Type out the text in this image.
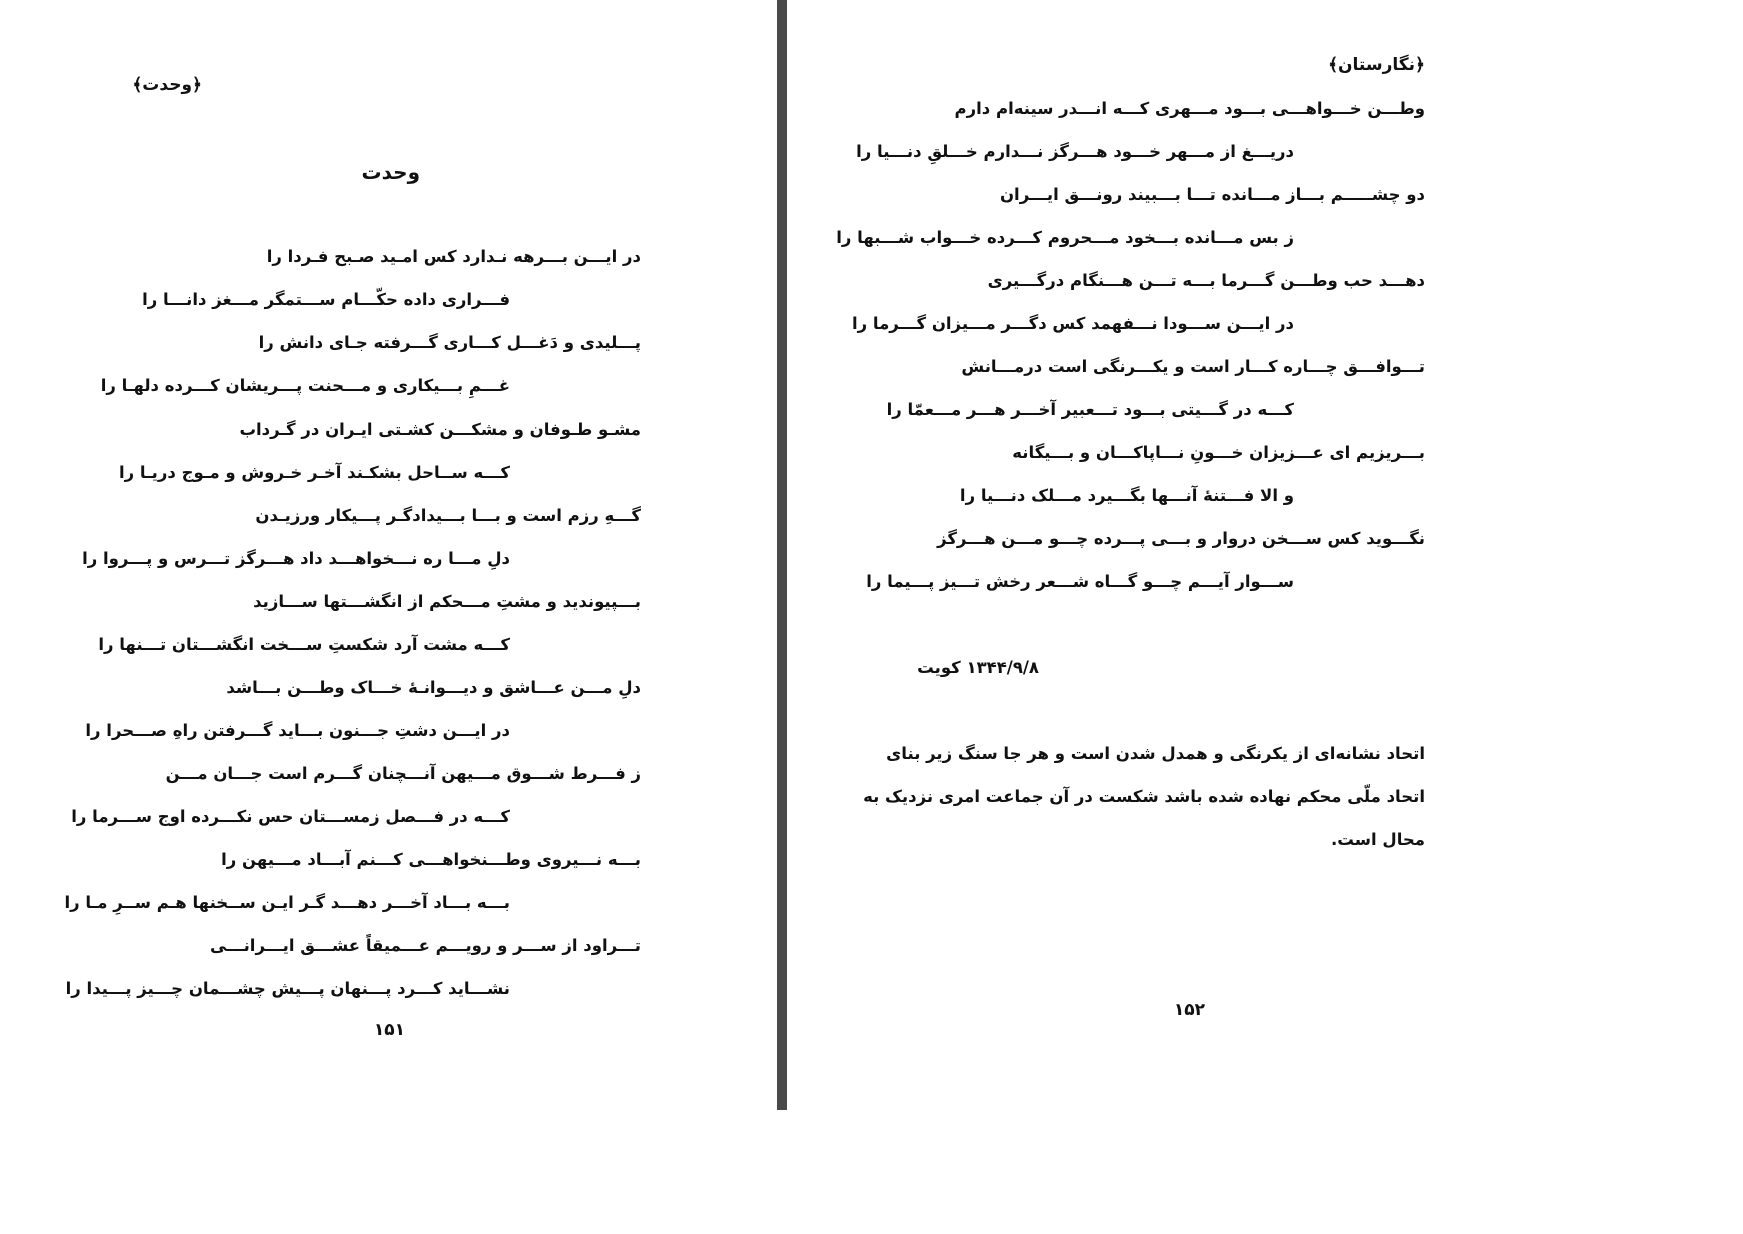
﴿وحدت﴾
وحدت
در ایـــن بـــرهه نـدارد کس امـید صـبح فـردا را
فـــراری داده حکّـــام ســـتمگر مـــغز دانـــا را
پـــلیدی و دَغـــل کـــاری گـــرفته جـای دانش را
غـــمِ بـــیکاری و مـــحنت پـــریشان کـــرده دلهـا را
مشـو طـوفان و مشکـــن کشـتی ایـران در گـرداب
کـــه ســاحل بشکـند آخـر خـروش و مـوج دریـا را
گـــهِ رزم است و بـــا بـــیدادگـر پـــیکار ورزیـدن
دلِ مـــا ره نـــخواهـــد داد هـــرگز تـــرس و پـــروا را
بـــپیوندید و مشتِ مـــحکم از انگشـــتها ســـازید
کـــه مشت آرد شکستِ ســـخت انگشـــتان تـــنها را
دلِ مـــن عـــاشق و دیـــوانـهٔ خـــاک وطـــن بـــاشد
در ایـــن دشتِ جـــنون بـــاید گـــرفتن راهِ صـــحرا را
ز فـــرط شـــوق مـــیهن آنـــچنان گـــرم است جـــان مـــن
کـــه در فـــصل زمســـتان حس نکـــرده اوج ســـرما را
بـــه نـــیروی وطـــنخواهـــی کـــنم آبـــاد مـــیهن را
بـــه بـــاد آخـــر دهـــد گـر ایـن ســخنها هـم ســرِ مـا را
تـــراود از ســـر و رویـــم عـــمیقاً عشـــق ایـــرانـــی
نشـــاید کـــرد پـــنهان پـــیش چشـــمان چـــیز پـــیدا را
۱۵۱
﴿نگارستان﴾
وطـــن خـــواهـــی بـــود مـــهری کـــه انـــدر سینه‌ام دارم
دریـــغ از مـــهر خـــود هـــرگز نـــدارم خـــلقِ دنـــیا را
دو چشـــــم بـــاز مـــانده تـــا بـــبیند رونـــق ایـــران
ز بس مـــانده بـــخود مـــحروم کـــرده خـــواب شـــبها را
دهـــد حب وطـــن گـــرما بـــه تـــن هـــنگام درگـــیری
در ایـــن ســـودا نـــفهمد کس دگـــر مـــیزان گـــرما را
تـــوافـــق چـــاره کـــار است و یکـــرنگی است درمـــانش
کـــه در گـــیتی بـــود تـــعبیر آخـــر هـــر مـــعمّا را
بـــریزیم ای عـــزیزان خـــونِ نـــاپاکـــان و بـــیگانه
و الا فـــتنهٔ آنـــها بگـــیرد مـــلک دنـــیا را
نگـــوید کس ســـخن دروار و بـــی پـــرده چـــو مـــن هـــرگز
ســـوار آیـــم چـــو گـــاه شـــعر رخش تـــیز پـــیما را
۱۳۴۴/۹/۸ کویت
اتحاد نشانه‌ای از یکرنگی و همدل شدن است و هر جا سنگ زیر بنای
اتحاد ملّی محکم نهاده شده باشد شکست در آن جماعت امری نزدیک به
محال است.
۱۵۲
